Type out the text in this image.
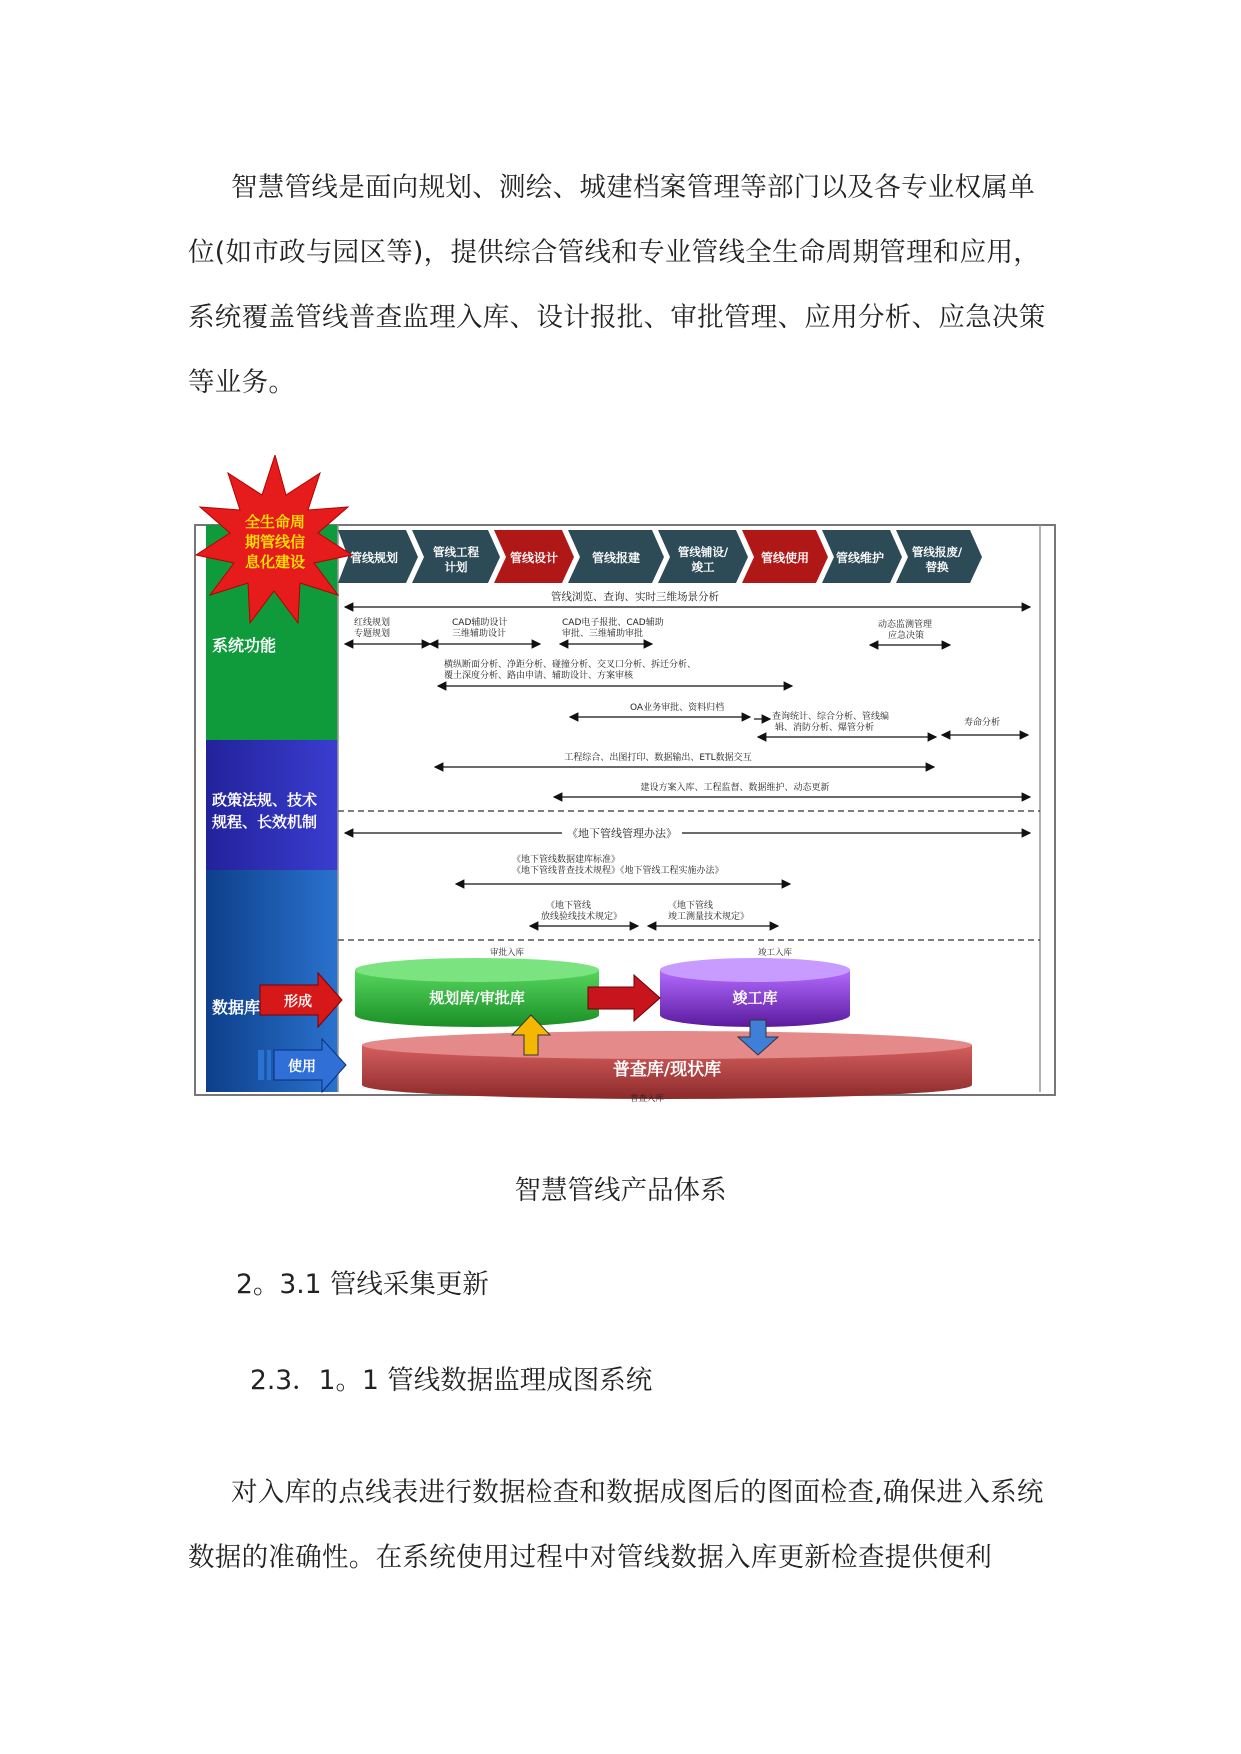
智慧管线是面向规划、测绘、城建档案管理等部门以及各专业权属单位(如市政与园区等)，提供综合管线和专业管线全生命周期管理和应用，系统覆盖管线普查监理入库、设计报批、审批管理、应用分析、应急决策等业务。

系统功能
政策法规、技术
规程、长效机制
数据库
管线规划	管线工程
计划
管线设计	管线报建	管线铺设/
竣工
管线使用 管线维护 管线报废/
替换
全生命周
期管线信
息化建设
管线浏览、查询、实时三维场景分析
红线规划
专题规划
CAD辅助设计
三维辅助设计
CAD电子报批、CAD辅助
审批、三维辅助审批
动态监测管理
应急决策
横纵断面分析、净距分析、碰撞分析、交叉口分析、拆迁分析、
覆土深度分析、路由申请、辅助设计、方案审核
OA业务审批、资料归档
查询统计、综合分析、管线编
辑、消防分析、爆管分析	寿命分析
工程综合、出图打印、数据输出、ETL数据交互
建设方案入库、工程监督、数据维护、动态更新
《地下管线管理办法》
《地下管线数据建库标准》
《地下管线普查技术规程》《地下管线工程实施办法》
《地下管线
放线验线技术规定》
《地下管线
竣工测量技术规定》
审批入库	竣工入库
形成
使用	普查库/现状库
普查入库
规划库/审批库	竣工库

智慧管线产品体系

2。3.1 管线采集更新
2.3．1。1 管线数据监理成图系统

对入库的点线表进行数据检查和数据成图后的图面检查,确保进入系统数据的准确性。在系统使用过程中对管线数据入库更新检查提供便利
